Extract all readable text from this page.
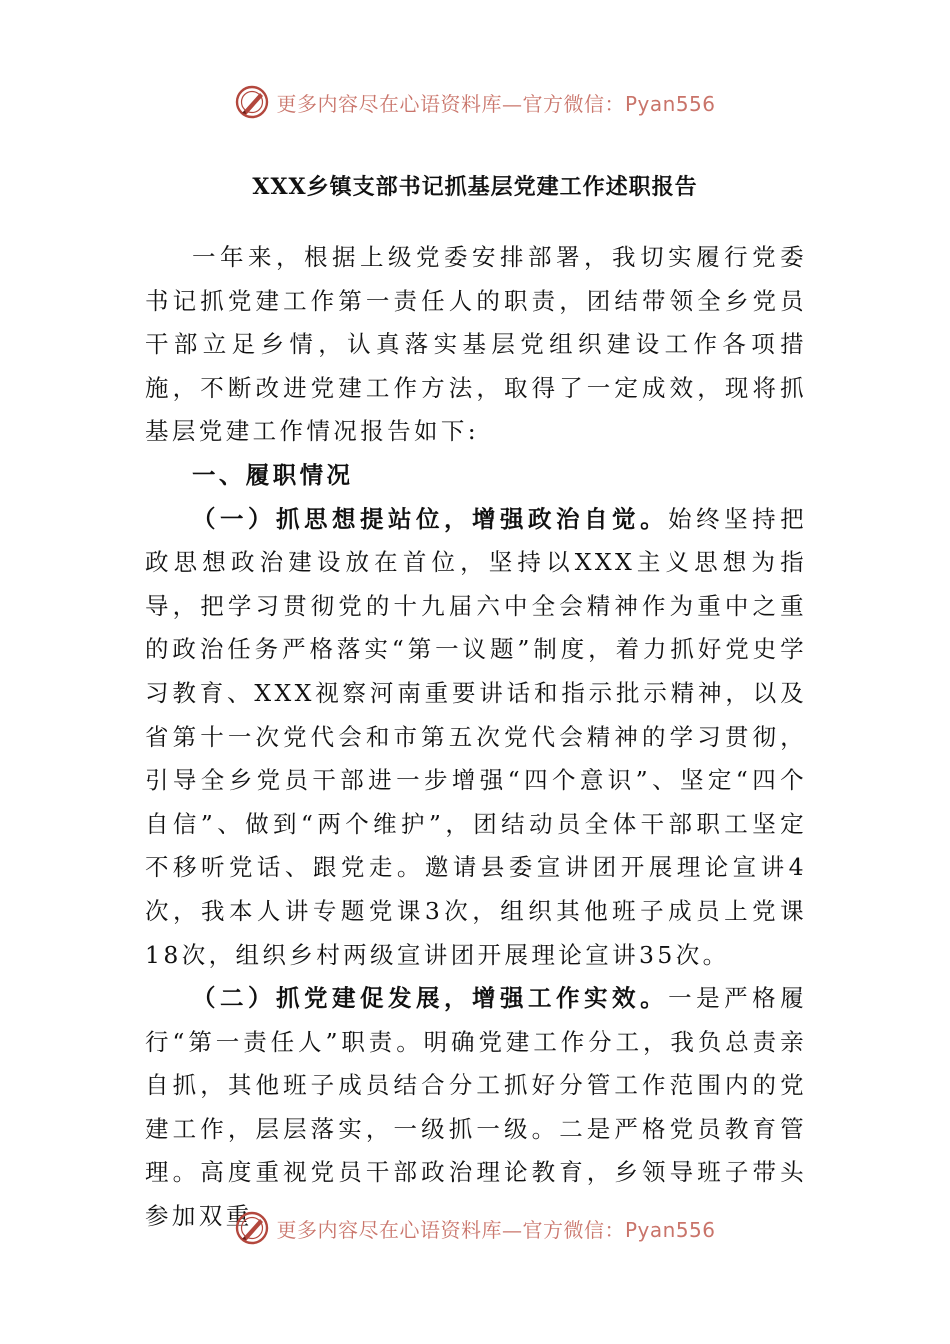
更多内容尽在心语资料库—官方微信：Pyan556
XXX乡镇支部书记抓基层党建工作述职报告

一年来，根据上级党委安排部署，我切实履行党委书记抓党建工作第一责任人的职责，团结带领全乡党员干部立足乡情，认真落实基层党组织建设工作各项措施，不断改进党建工作方法，取得了一定成效，现将抓基层党建工作情况报告如下:

一、履职情况

（一）抓思想提站位，增强政治自觉。始终坚持把政思想政治建设放在首位，坚持以XXX主义思想为指导，把学习贯彻党的十九届六中全会精神作为重中之重的政治任务严格落实“第一议题”制度，着力抓好党史学习教育、XXX视察河南重要讲话和指示批示精神，以及省第十一次党代会和市第五次党代会精神的学习贯彻，引导全乡党员干部进一步增强“四个意识”、坚定“四个自信”、做到“两个维护”，团结动员全体干部职工坚定不移听党话、跟党走。邀请县委宣讲团开展理论宣讲4次，我本人讲专题党课3次，组织其他班子成员上党课18次，组织乡村两级宣讲团开展理论宣讲35次。

（二）抓党建促发展，增强工作实效。一是严格履行“第一责任人”职责。明确党建工作分工，我负总责亲自抓，其他班子成员结合分工抓好分管工作范围内的党建工作，层层落实，一级抓一级。二是严格党员教育管理。高度重视党员干部政治理论教育，乡领导班子带头参加双重	更多内容尽在心语资料库—官方微信：Pyan556
